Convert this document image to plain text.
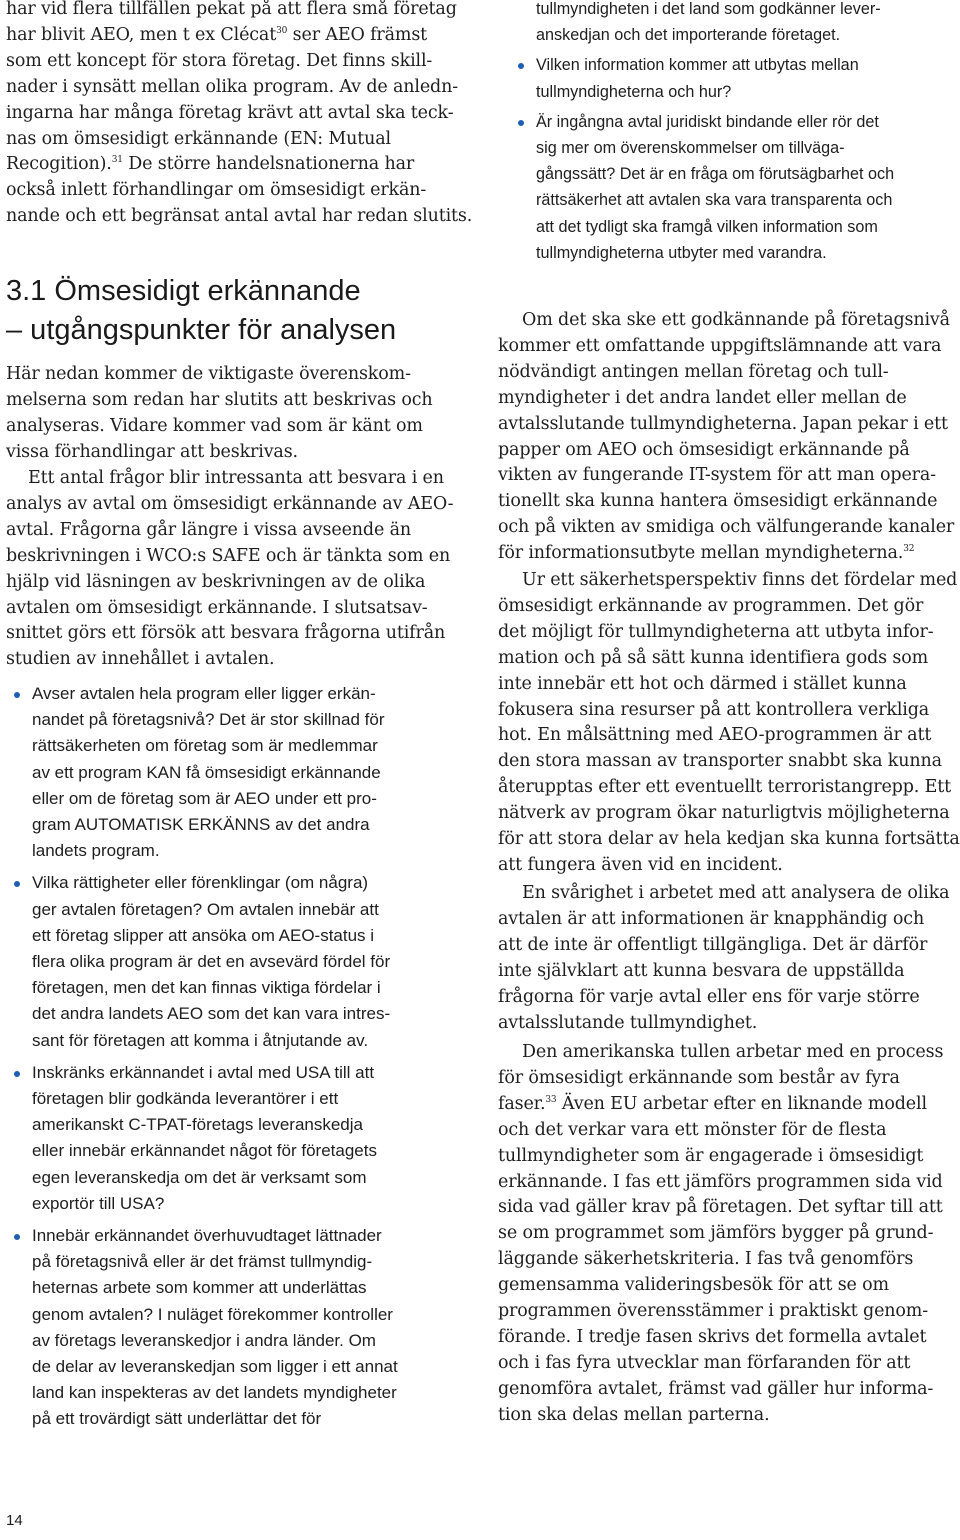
har vid flera tillfällen pekat på att flera små företag
har blivit AEO, men t ex Clécat$^{30}$ ser AEO främst
som ett koncept för stora företag. Det finns skill-
nader i synsätt mellan olika program. Av de anledn-
ingarna har många företag krävt att avtal ska teck-
nas om ömsesidigt erkännande (EN: Mutual
Recogition).$^{31}$ De större handelsnationerna har
också inlett förhandlingar om ömsesidigt erkän-
nande och ett begränsat antal avtal har redan slutits.
3.1 Ömsesidigt erkännande
– utgångspunkter för analysen
Här nedan kommer de viktigaste överenskom-
melserna som redan har slutits att beskrivas och
analyseras. Vidare kommer vad som är känt om
vissa förhandlingar att beskrivas.
Ett antal frågor blir intressanta att besvara i en
analys av avtal om ömsesidigt erkännande av AEO-
avtal. Frågorna går längre i vissa avseende än
beskrivningen i WCO:s SAFE och är tänkta som en
hjälp vid läsningen av beskrivningen av de olika
avtalen om ömsesidigt erkännande. I slutsatsav-
snittet görs ett försök att besvara frågorna utifrån
studien av innehållet i avtalen.
Avser avtalen hela program eller ligger erkän-
nandet på företagsnivå? Det är stor skillnad för
rättsäkerheten om företag som är medlemmar
av ett program KAN få ömsesidigt erkännande
eller om de företag som är AEO under ett pro-
gram AUTOMATISK ERKÄNNS av det andra
landets program.
Vilka rättigheter eller förenklingar (om några)
ger avtalen företagen? Om avtalen innebär att
ett företag slipper att ansöka om AEO-status i
flera olika program är det en avsevärd fördel för
företagen, men det kan finnas viktiga fördelar i
det andra landets AEO som det kan vara intres-
sant för företagen att komma i åtnjutande av.
Inskränks erkännandet i avtal med USA till att
företagen blir godkända leverantörer i ett
amerikanskt C-TPAT-företags leveranskedja
eller innebär erkännandet något för företagets
egen leveranskedja om det är verksamt som
exportör till USA?
Innebär erkännandet överhuvudtaget lättnader
på företagsnivå eller är det främst tullmyndig-
heternas arbete som kommer att underlättas
genom avtalen? I nuläget förekommer kontroller
av företags leveranskedjor i andra länder. Om
de delar av leveranskedjan som ligger i ett annat
land kan inspekteras av det landets myndigheter
på ett trovärdigt sätt underlättar det för
tullmyndigheten i det land som godkänner lever-
anskedjan och det importerande företaget.
Vilken information kommer att utbytas mellan
tullmyndigheterna och hur?
Är ingångna avtal juridiskt bindande eller rör det
sig mer om överenskommelser om tillväga-
gångssätt? Det är en fråga om förutsägbarhet och
rättsäkerhet att avtalen ska vara transparenta och
att det tydligt ska framgå vilken information som
tullmyndigheterna utbyter med varandra.
Om det ska ske ett godkännande på företagsnivå
kommer ett omfattande uppgiftslämnande att vara
nödvändigt antingen mellan företag och tull-
myndigheter i det andra landet eller mellan de
avtalsslutande tullmyndigheterna. Japan pekar i ett
papper om AEO och ömsesidigt erkännande på
vikten av fungerande IT-system för att man opera-
tionellt ska kunna hantera ömsesidigt erkännande
och på vikten av smidiga och välfungerande kanaler
för informationsutbyte mellan myndigheterna.$^{32}$
Ur ett säkerhetsperspektiv finns det fördelar med
ömsesidigt erkännande av programmen. Det gör
det möjligt för tullmyndigheterna att utbyta infor-
mation och på så sätt kunna identifiera gods som
inte innebär ett hot och därmed i stället kunna
fokusera sina resurser på att kontrollera verkliga
hot. En målsättning med AEO-programmen är att
den stora massan av transporter snabbt ska kunna
återupptas efter ett eventuellt terroristangrepp. Ett
nätverk av program ökar naturligtvis möjligheterna
för att stora delar av hela kedjan ska kunna fortsätta
att fungera även vid en incident.
En svårighet i arbetet med att analysera de olika
avtalen är att informationen är knapphändig och
att de inte är offentligt tillgängliga. Det är därför
inte självklart att kunna besvara de uppställda
frågorna för varje avtal eller ens för varje större
avtalsslutande tullmyndighet.
Den amerikanska tullen arbetar med en process
för ömsesidigt erkännande som består av fyra
faser.$^{33}$ Även EU arbetar efter en liknande modell
och det verkar vara ett mönster för de flesta
tullmyndigheter som är engagerade i ömsesidigt
erkännande. I fas ett jämförs programmen sida vid
sida vad gäller krav på företagen. Det syftar till att
se om programmet som jämförs bygger på grund-
läggande säkerhetskriteria. I fas två genomförs
gemensamma valideringsbesök för att se om
programmen överensstämmer i praktiskt genom-
förande. I tredje fasen skrivs det formella avtalet
och i fas fyra utvecklar man förfaranden för att
genomföra avtalet, främst vad gäller hur informa-
tion ska delas mellan parterna.
14
